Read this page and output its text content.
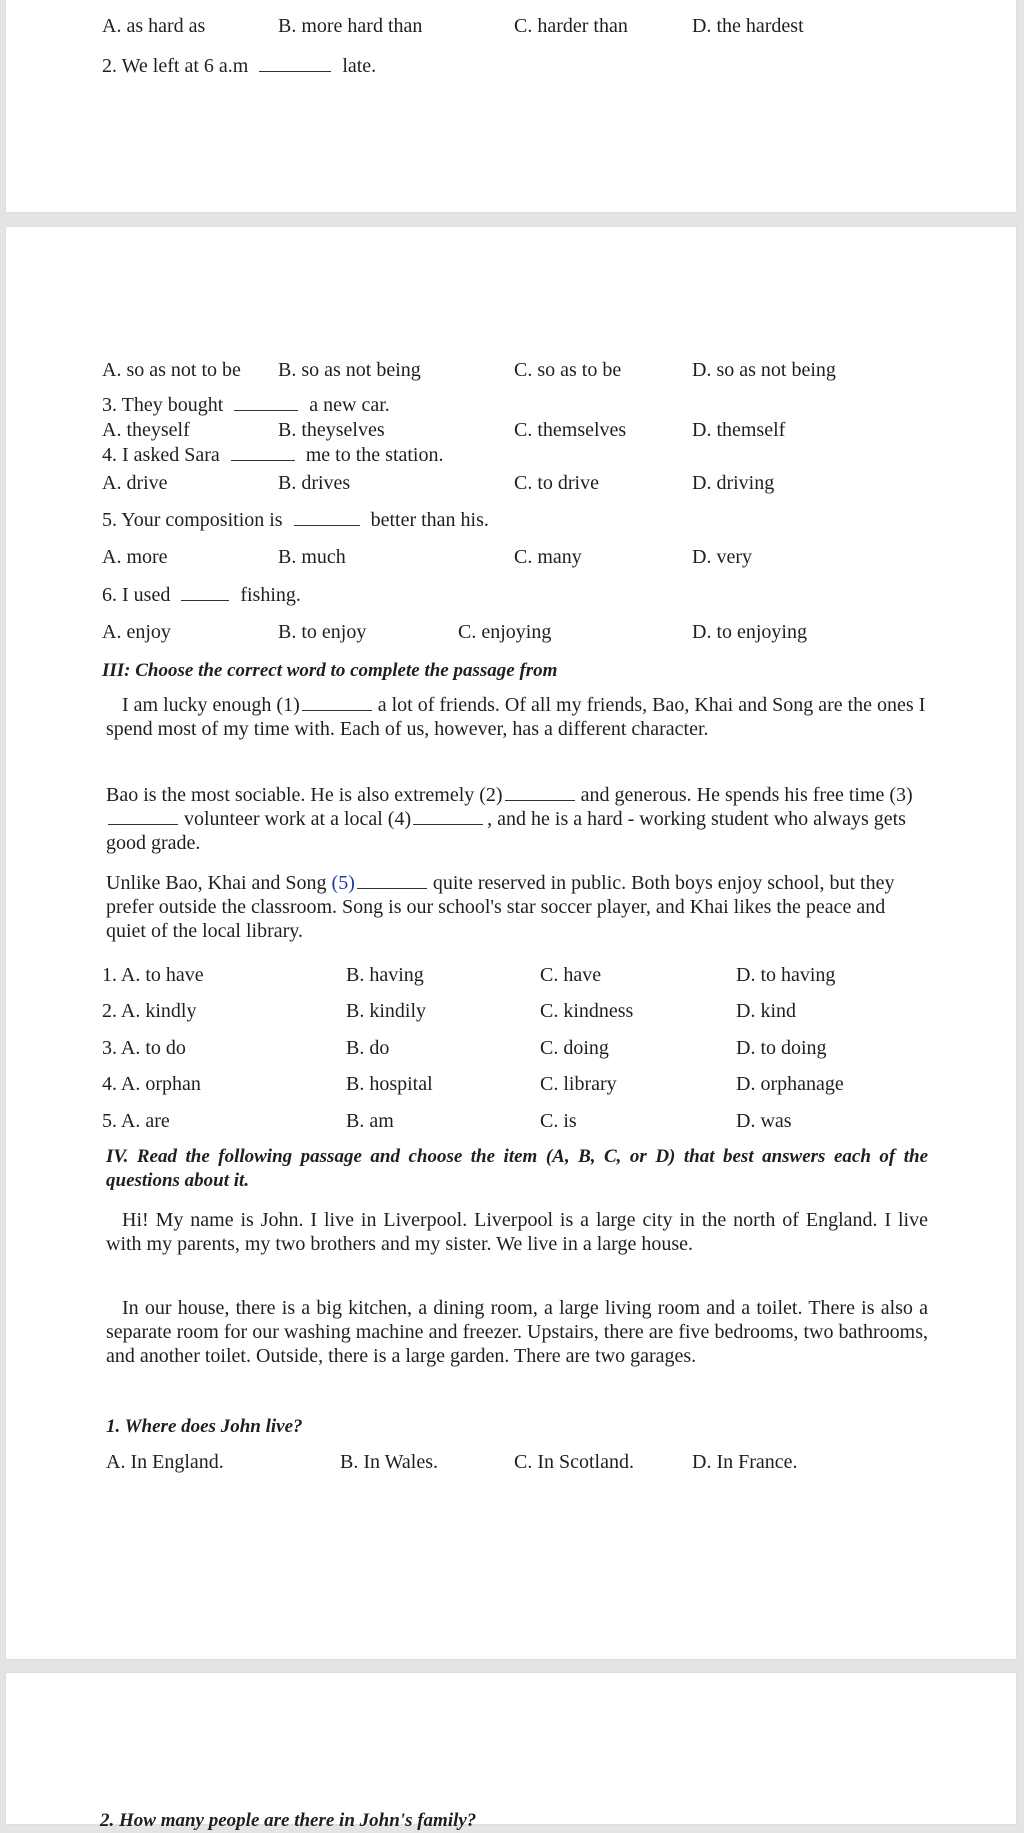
A. as hard as	B. more hard than	C. harder than	D. the hardest
2. We left at 6 a.m	late.
A. so as not to be B. so as not being	C. so as to be	D. so as not being
3. They bought	a new car.
A. theyself	B. theyselves	C. themselves	D. themself
4. I asked Sara	me to the station.
A. drive	B. drives	C. to drive	D. driving
5. Your composition is	better than his.
A. more	B. much	C. many	D. very
6. I used	fishing.
A. enjoy	B. to enjoy	C. enjoying	D. to enjoying
III: Choose the correct word to complete the passage from
I am lucky enough (1)	a lot of friends. Of all my friends, Bao, Khai and Song are the ones I spend most of my time with. Each of us, however, has a different character.
Bao is the most sociable. He is also extremely (2)	and generous. He spends his free time (3)volunteer work at a local (4)	, and he is a hard - working student who always gets good grade.
Unlike Bao, Khai and Song (5)	quite reserved in public. Both boys enjoy school, but they prefer outside the classroom. Song is our school's star soccer player, and Khai likes the peace and quiet of the local library.
1. A. to have	B. having	C. have	D. to having
2. A. kindly	B. kindily	C. kindness	D. kind
3. A. to do	B. do	C. doing	D. to doing
4. A. orphan	B. hospital	C. library	D. orphanage
5. A. are	B. am	C. is	D. was
IV. Read the following passage and choose the item (A, B, C, or D) that best answers each of the questions about it.
Hi! My name is John. I live in Liverpool. Liverpool is a large city in the north of England. I live with my parents, my two brothers and my sister. We live in a large house.
In our house, there is a big kitchen, a dining room, a large living room and a toilet. There is also a separate room for our washing machine and freezer. Upstairs, there are five bedrooms, two bathrooms, and another toilet. Outside, there is a large garden. There are two garages.
1. Where does John live?
A. In England.	B. In Wales.	C. In Scotland.	D. In France.
2. How many people are there in John's family?
